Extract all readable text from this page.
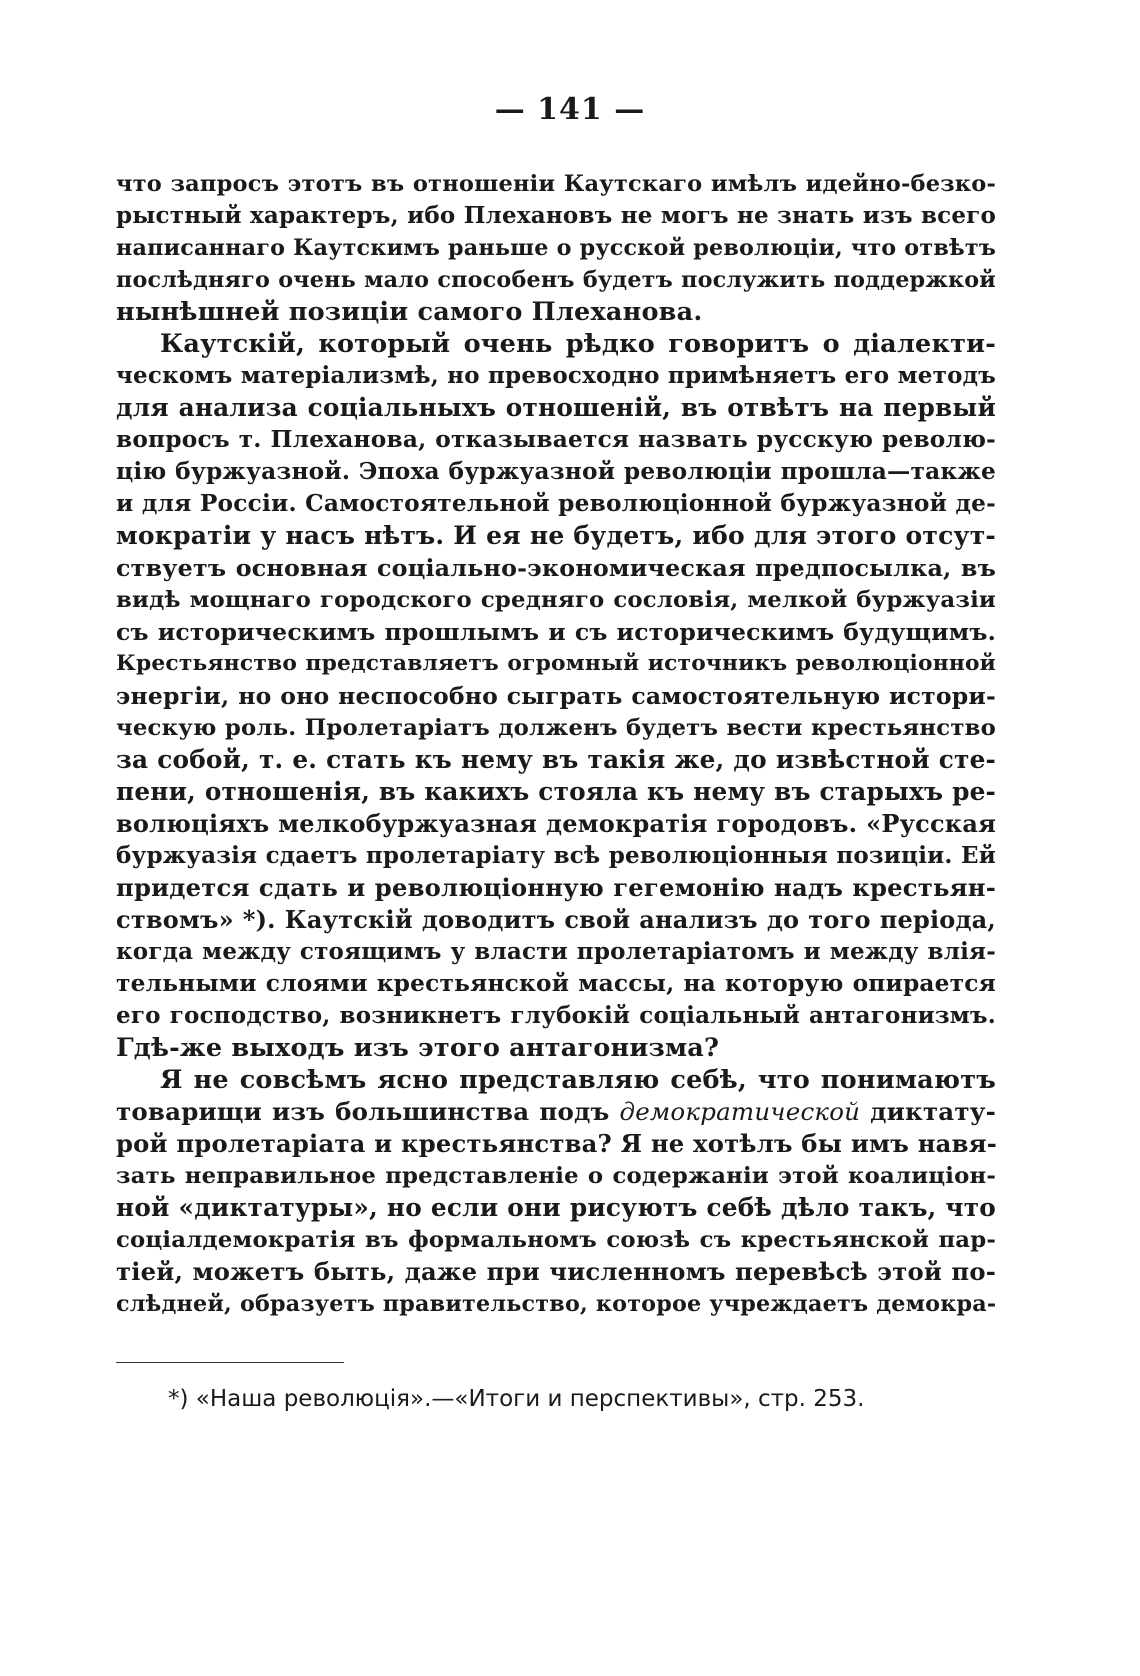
— 141 —
что запросъ этотъ въ отношеніи Каутскаго имѣлъ идейно-безко-
рыстный характеръ, ибо Плехановъ не могъ не знать изъ всего
написаннаго Каутскимъ раньше о русской революціи, что отвѣтъ
послѣдняго очень мало способенъ будетъ послужить поддержкой
нынѣшней позиціи самого Плеханова.
Каутскій, который очень рѣдко говоритъ о діалекти-
ческомъ матеріализмѣ, но превосходно примѣняетъ его методъ
для анализа соціальныхъ отношеній, въ отвѣтъ на первый
вопросъ т. Плеханова, отказывается назвать русскую револю-
цію буржуазной. Эпоха буржуазной революціи прошла—также
и для Россіи. Самостоятельной революціонной буржуазной де-
мократіи у насъ нѣтъ. И ея не будетъ, ибо для этого отсут-
ствуетъ основная соціально-экономическая предпосылка, въ
видѣ мощнаго городского средняго сословія, мелкой буржуазіи
съ историческимъ прошлымъ и съ историческимъ будущимъ.
Крестьянство представляетъ огромный источникъ революціонной
энергіи, но оно неспособно сыграть самостоятельную истори-
ческую роль. Пролетаріатъ долженъ будетъ вести крестьянство
за собой, т. е. стать къ нему въ такія же, до извѣстной сте-
пени, отношенія, въ какихъ стояла къ нему въ старыхъ ре-
волюціяхъ мелкобуржуазная демократія городовъ. «Русская
буржуазія сдаетъ пролетаріату всѣ революціонныя позиціи. Ей
придется сдать и революціонную гегемонію надъ крестьян-
ствомъ» *). Каутскій доводитъ свой анализъ до того періода,
когда между стоящимъ у власти пролетаріатомъ и между влія-
тельными слоями крестьянской массы, на которую опирается
его господство, возникнетъ глубокій соціальный антагонизмъ.
Гдѣ-же выходъ изъ этого антагонизма?
Я не совсѣмъ ясно представляю себѣ, что понимаютъ
товарищи изъ большинства подъ демократической диктату-
рой пролетаріата и крестьянства? Я не хотѣлъ бы имъ навя-
зать неправильное представленіе о содержаніи этой коалиціон-
ной «диктатуры», но если они рисуютъ себѣ дѣло такъ, что
соціалдемократія въ формальномъ союзѣ съ крестьянской пар-
тіей, можетъ быть, даже при численномъ перевѣсѣ этой по-
слѣдней, образуетъ правительство, которое учреждаетъ демокра-
*) «Наша революція».—«Итоги и перспективы», стр. 253.
